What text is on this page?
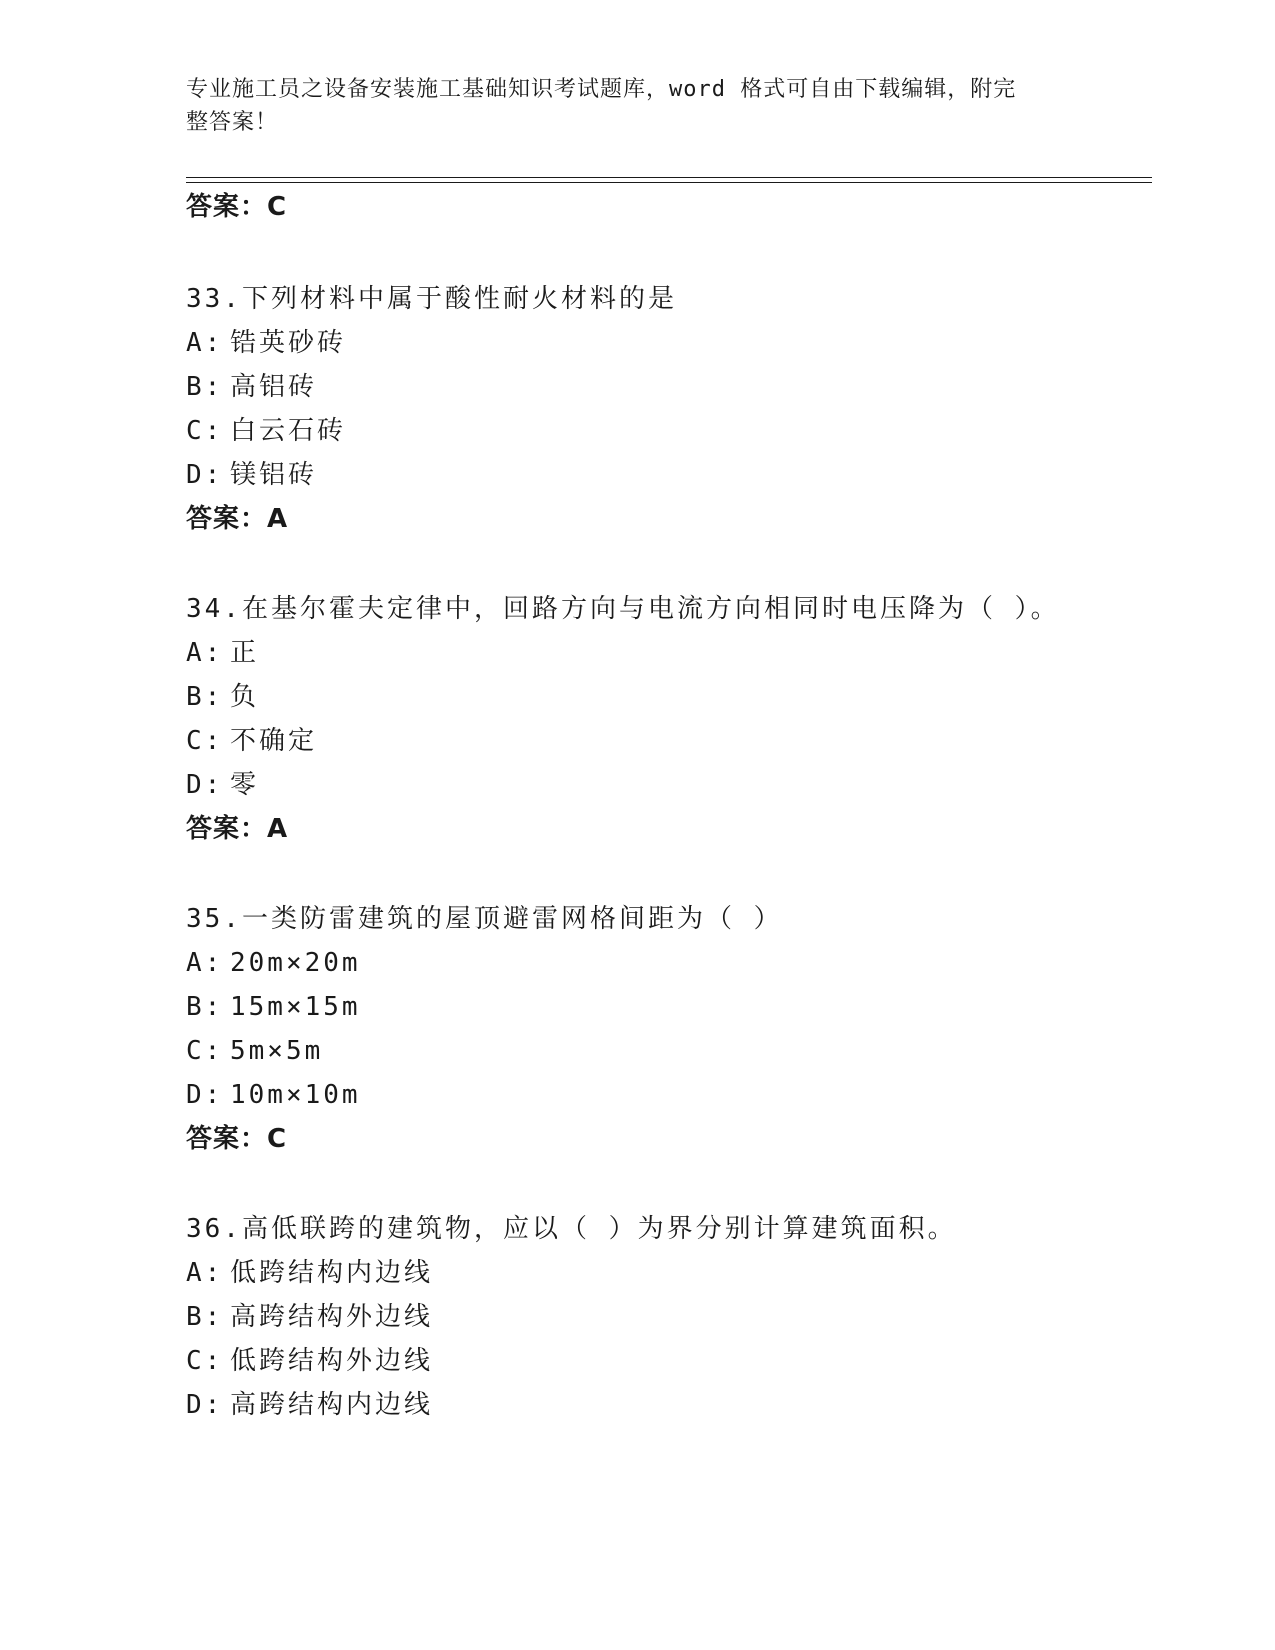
专业施工员之设备安装施工基础知识考试题库，word 格式可自由下载编辑，附完
整答案！
答案：C
33.下列材料中属于酸性耐火材料的是
A: 锆英砂砖
B: 高铝砖
C: 白云石砖
D: 镁铝砖
答案：A
34.在基尔霍夫定律中，回路方向与电流方向相同时电压降为（ ）。
A: 正
B: 负
C: 不确定
D: 零
答案：A
35.一类防雷建筑的屋顶避雷网格间距为（ ）
A: 20m×20m
B: 15m×15m
C: 5m×5m
D: 10m×10m
答案：C
36.高低联跨的建筑物，应以（ ）为界分别计算建筑面积。
A: 低跨结构内边线
B: 高跨结构外边线
C: 低跨结构外边线
D: 高跨结构内边线
